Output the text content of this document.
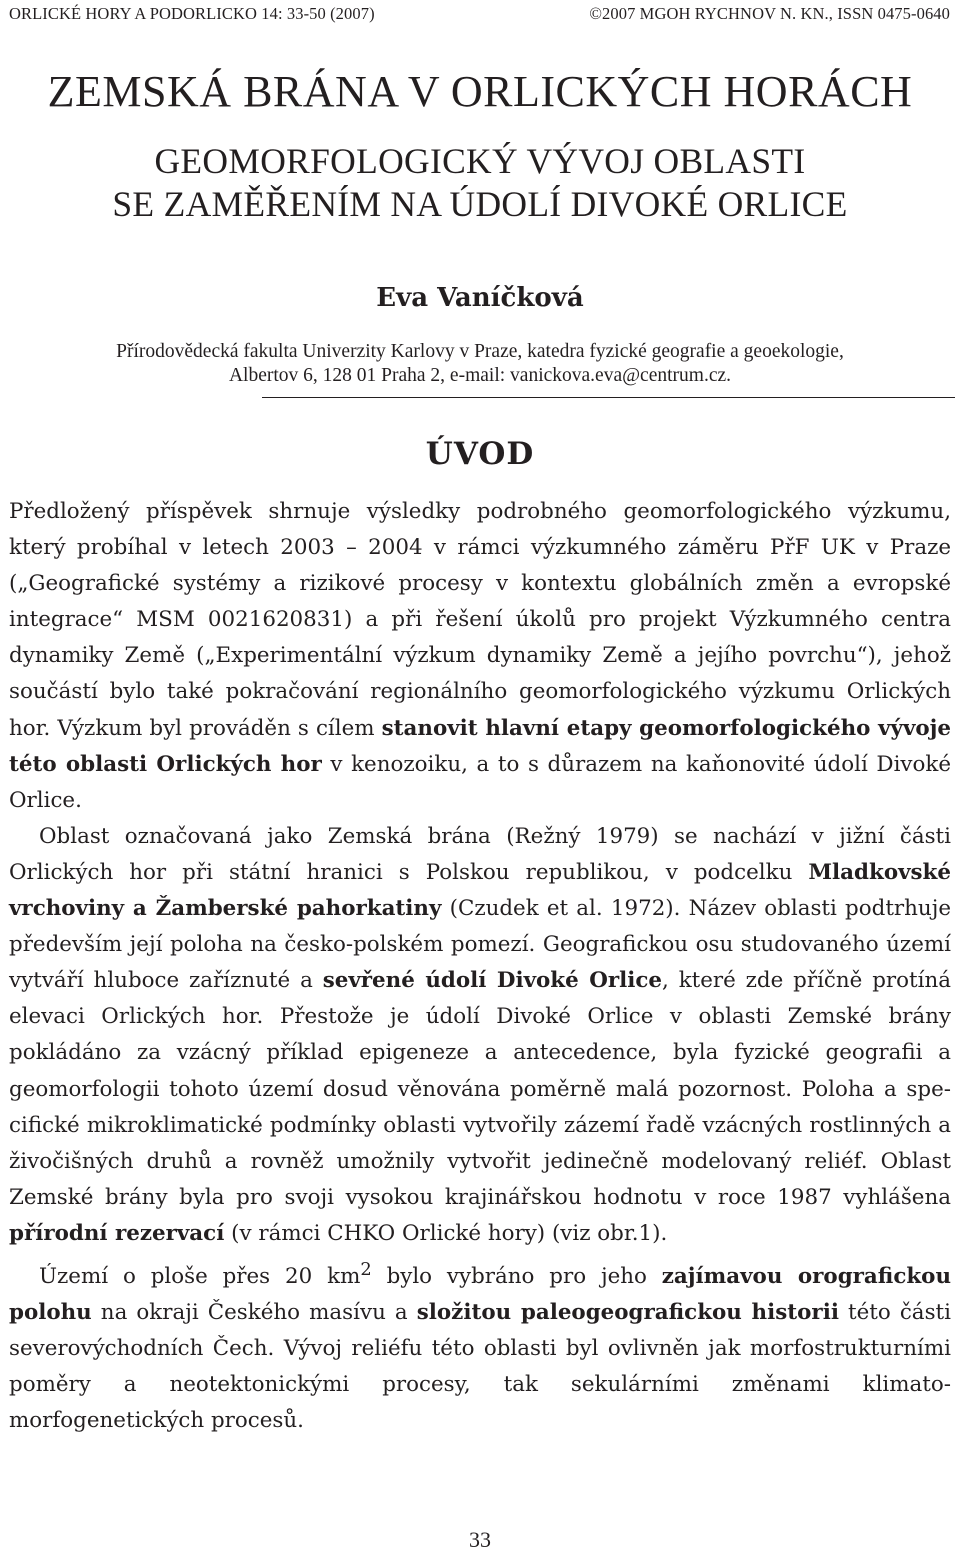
ORLICKÉ HORY A PODORLICKO 14: 33-50 (2007)	©2007 MGOH RYCHNOV N. KN., ISSN 0475-0640
ZEMSKÁ BRÁNA V ORLICKÝCH HORÁCH
GEOMORFOLOGICKÝ VÝVOJ OBLASTI
SE ZAMĚŘENÍM NA ÚDOLÍ DIVOKÉ ORLICE
Eva Vaníčková
Přírodovědecká fakulta Univerzity Karlovy v Praze, katedra fyzické geografie a geoekologie,
Albertov 6, 128 01 Praha 2, e-mail: vanickova.eva@centrum.cz.
ÚVOD

Předložený příspěvek shrnuje výsledky podrobného geomorfologického výzkumu, který probíhal v letech 2003 – 2004 v rámci výzkumného záměru PřF UK v Praze („Geografické systémy a rizikové procesy v kontextu globálních změn a evropské integrace“ MSM 0021620831) a při řešení úkolů pro projekt Výzkumného centra dynamiky Země („Experimentální výzkum dynamiky Země a jejího povrchu“), jehož součástí bylo také pokračování regionálního geomorfologického výzkumu Orlických hor. Výzkum byl prováděn s cílem stanovit hlavní etapy geomorfologického vývoje této oblasti Orlických hor v kenozoiku, a to s důrazem na kaňonovité údolí Divoké Orlice.

Oblast označovaná jako Zemská brána (Režný 1979) se nachází v jižní části Orlických hor při státní hranici s Polskou republikou, v podcelku Mladkovské vrchoviny a Žamberské pahorkatiny (Czudek et al. 1972). Název oblasti podtrhuje především její poloha na česko-polském pomezí. Geografickou osu studovaného území vytváří hluboce zaříznuté a sevřené údolí Divoké Orlice, které zde příčně protíná elevaci Orlických hor. Přestože je údolí Divoké Orlice v oblasti Zemské brány pokládáno za vzácný příklad epigeneze a antecedence, byla fyzické geografii a geomorfologii tohoto území dosud věnována poměrně malá pozornost. Poloha a specifické mikroklimatické podmínky oblasti vytvořily zázemí řadě vzácných rostlinných a živočišných druhů a rovněž umožnily vytvořit jedinečně modelovaný reliéf. Oblast Zemské brány byla pro svoji vysokou krajinářskou hodnotu v roce 1987 vyhlášena přírodní rezervací (v rámci CHKO Orlické hory) (viz obr.1).

Území o ploše přes 20 $km^2$ bylo vybráno pro jeho zajímavou orografickou polohu na okraji Českého masívu a složitou paleogeografickou historii této části severovýchodních Čech. Vývoj reliéfu této oblasti byl ovlivněn jak morfostrukturními poměry a neotektonickými procesy, tak sekulárními změnami klimato-morfogenetických procesů.

33
